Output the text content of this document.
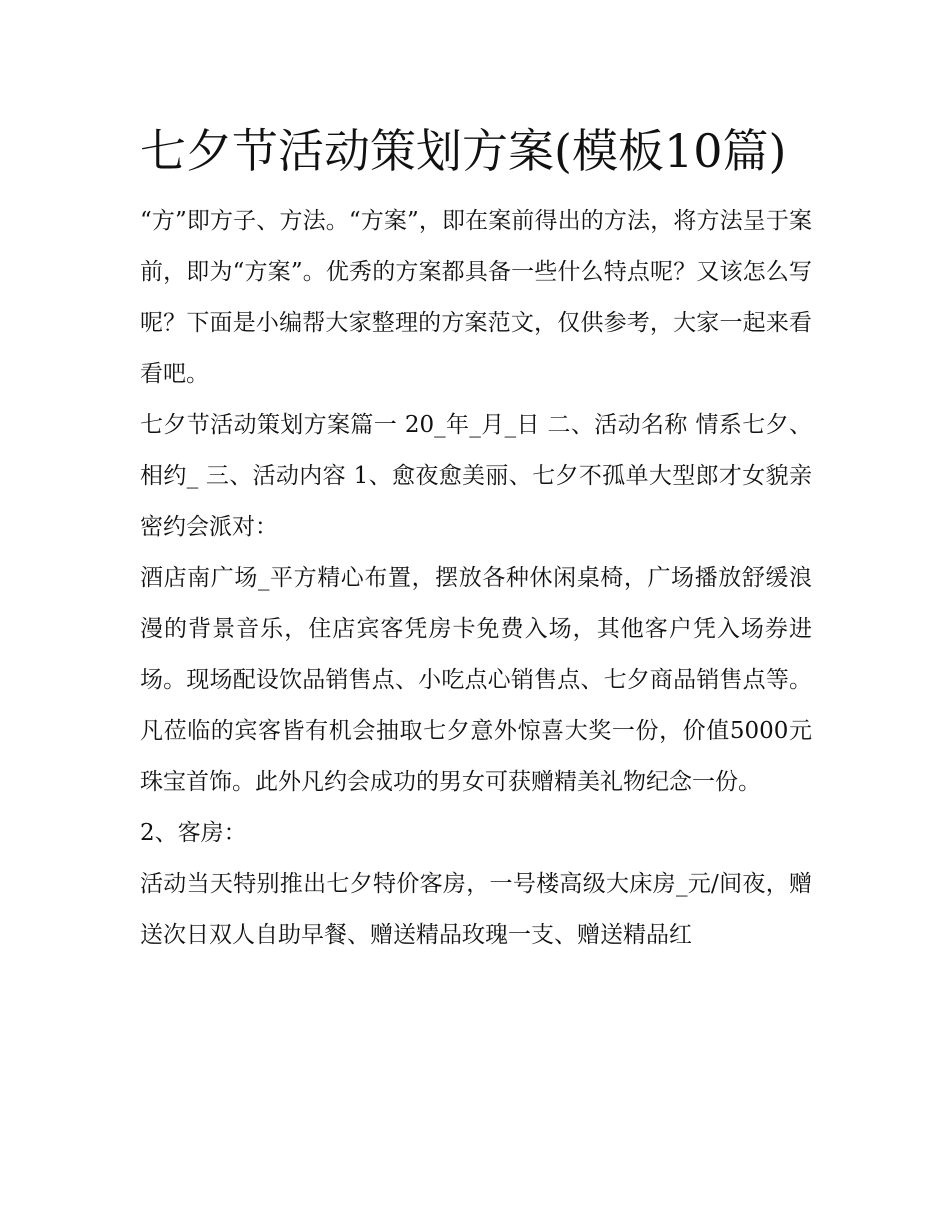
七夕节活动策划方案(模板10篇)

“方”即方子、方法。“方案”，即在案前得出的方法，将方法呈于案前，即为“方案”。优秀的方案都具备一些什么特点呢？又该怎么写呢？下面是小编帮大家整理的方案范文，仅供参考，大家一起来看看吧。

七夕节活动策划方案篇一 20_年_月_日 二、活动名称 情系七夕、相约_ 三、活动内容 1、愈夜愈美丽、七夕不孤单大型郎才女貌亲密约会派对：

酒店南广场_平方精心布置，摆放各种休闲桌椅，广场播放舒缓浪漫的背景音乐，住店宾客凭房卡免费入场，其他客户凭入场券进场。现场配设饮品销售点、小吃点心销售点、七夕商品销售点等。凡莅临的宾客皆有机会抽取七夕意外惊喜大奖一份，价值5000元珠宝首饰。此外凡约会成功的男女可获赠精美礼物纪念一份。

2、客房：

活动当天特别推出七夕特价客房，一号楼高级大床房_元/间夜，赠送次日双人自助早餐、赠送精品玫瑰一支、赠送精品红
